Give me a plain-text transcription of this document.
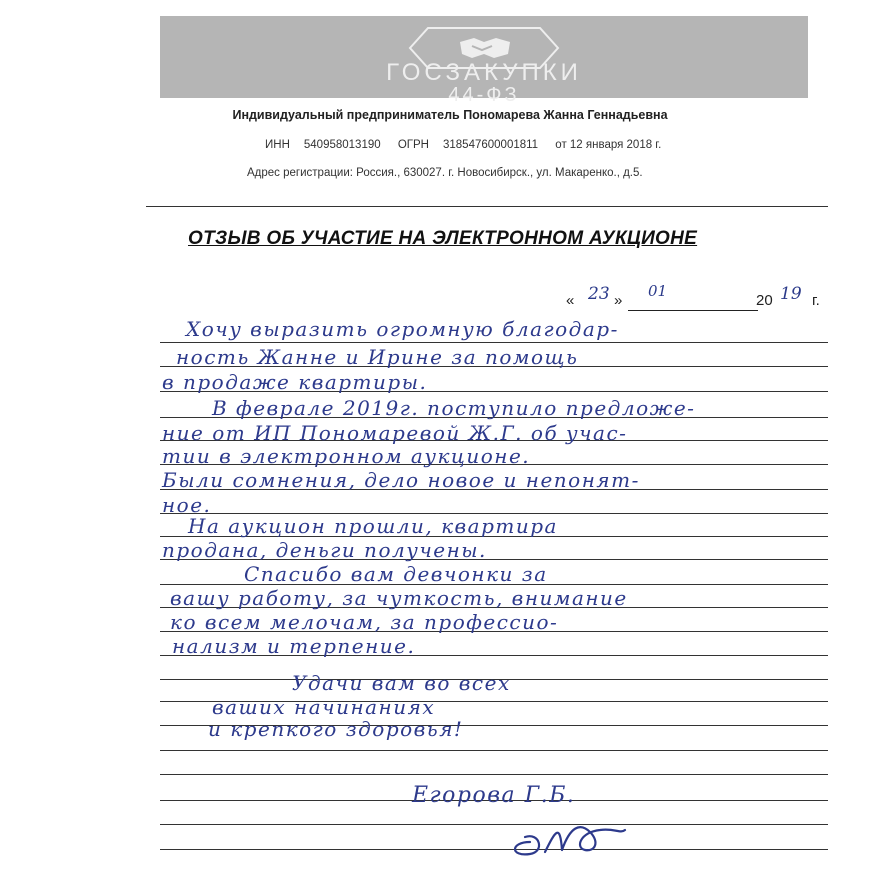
ГОСЗАКУПКИ
44-ФЗ
Индивидуальный предприниматель Пономарева Жанна Геннадьевна
ИНН 540958013190 ОГРН 318547600001811 от 12 января 2018 г.
Адрес регистрации: Россия., 630027. г. Новосибирск., ул. Макаренко., д.5.
ОТЗЫВ ОБ УЧАСТИЕ НА ЭЛЕКТРОННОМ АУКЦИОНЕ
« 23 »
01
20 19 г.
Хочу выразить огромную благодар-
ность Жанне и Ирине за помощь
в продаже квартиры.
В феврале 2019г. поступило предложе-
ние от ИП Пономаревой Ж.Г. об учас-
тии в электронном аукционе.
Были сомнения, дело новое и непонят-
ное.
На аукцион прошли, квартира
продана, деньги получены.
Спасибо вам девчонки за
вашу работу, за чуткость, внимание
ко всем мелочам, за профессио-
нализм и терпение.
Удачи вам во всех
ваших начинаниях
и крепкого здоровья!
Егорова Г.Б.
